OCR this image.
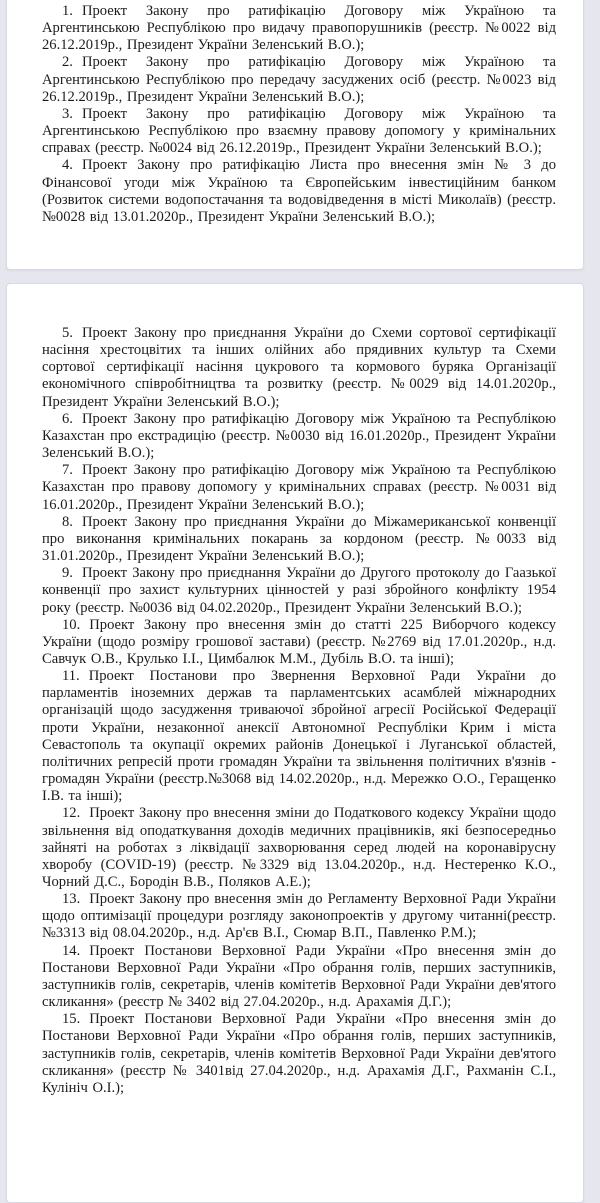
1. Проект Закону про ратифікацію Договору між Україною та Аргентинською Республікою про видачу правопорушників (реєстр. №0022 від 26.12.2019р., Президент України Зеленський В.О.);

2. Проект Закону про ратифікацію Договору між Україною та Аргентинською Республікою про передачу засуджених осіб (реєстр. №0023 від 26.12.2019р., Президент України Зеленський В.О.);

3. Проект Закону про ратифікацію Договору між Україною та Аргентинською Республікою про взаємну правову допомогу у кримінальних справах (реєстр. №0024 від 26.12.2019р., Президент України Зеленський В.О.);

4. Проект Закону про ратифікацію Листа про внесення змін № 3 до Фінансової угоди між Україною та Європейським інвестиційним банком (Розвиток системи водопостачання та водовідведення в місті Миколаїв) (реєстр. №0028 від 13.01.2020р., Президент України Зеленський В.О.);

5. Проект Закону про приєднання України до Схеми сортової сертифікації насіння хрестоцвітих та інших олійних або прядивних культур та Схеми сортової сертифікації насіння цукрового та кормового буряка Організації економічного співробітництва та розвитку (реєстр. №0029 від 14.01.2020р., Президент України Зеленський В.О.);

6. Проект Закону про ратифікацію Договору між Україною та Республікою Казахстан про екстрадицію (реєстр. №0030 від 16.01.2020р., Президент України Зеленський В.О.);

7. Проект Закону про ратифікацію Договору між Україною та Республікою Казахстан про правову допомогу у кримінальних справах (реєстр. №0031 від 16.01.2020р., Президент України Зеленський В.О.);

8. Проект Закону про приєднання України до Міжамериканської конвенції про виконання кримінальних покарань за кордоном (реєстр. №0033 від 31.01.2020р., Президент України Зеленський В.О.);

9. Проект Закону про приєднання України до Другого протоколу до Гаазької конвенції про захист культурних цінностей у разі збройного конфлікту 1954 року (реєстр. №0036 від 04.02.2020р., Президент України Зеленський В.О.);

10. Проект Закону про внесення змін до статті 225 Виборчого кодексу України (щодо розміру грошової застави) (реєстр. №2769 від 17.01.2020р., н.д. Савчук О.В., Крулько І.І., Цимбалюк М.М., Дубіль В.О. та інші);

11. Проект Постанови про Звернення Верховної Ради України до парламентів іноземних держав та парламентських асамблей міжнародних організацій щодо засудження триваючої збройної агресії Російської Федерації проти України, незаконної анексії Автономної Республіки Крим і міста Севастополь та окупації окремих районів Донецької і Луганської областей, політичних репресій проти громадян України та звільнення політичних в'язнів - громадян України (реєстр.№3068 від 14.02.2020р., н.д. Мережко О.О., Геращенко І.В. та інші);

12. Проект Закону про внесення зміни до Податкового кодексу України щодо звільнення від оподаткування доходів медичних працівників, які безпосередньо зайняті на роботах з ліквідації захворювання серед людей на коронавірусну хворобу (COVID-19) (реєстр. №3329 від 13.04.2020р., н.д. Нестеренко К.О., Чорний Д.С., Бородін В.В., Поляков А.Е.);

13. Проект Закону про внесення змін до Регламенту Верховної Ради України щодо оптимізації процедури розгляду законопроектів у другому читанні(реєстр. №3313 від 08.04.2020р., н.д. Ар'єв В.І., Сюмар В.П., Павленко Р.М.);

14. Проект Постанови Верховної Ради України «Про внесення змін до Постанови Верховної Ради України «Про обрання голів, перших заступників, заступників голів, секретарів, членів комітетів Верховної Ради України дев'ятого скликання» (реєстр № 3402 від 27.04.2020р., н.д. Арахамія Д.Г.);

15. Проект Постанови Верховної Ради України «Про внесення змін до Постанови Верховної Ради України «Про обрання голів, перших заступників, заступників голів, секретарів, членів комітетів Верховної Ради України дев'ятого скликання» (реєстр № 3401від 27.04.2020р., н.д. Арахамія Д.Г., Рахманін С.І., Кулініч О.І.);
